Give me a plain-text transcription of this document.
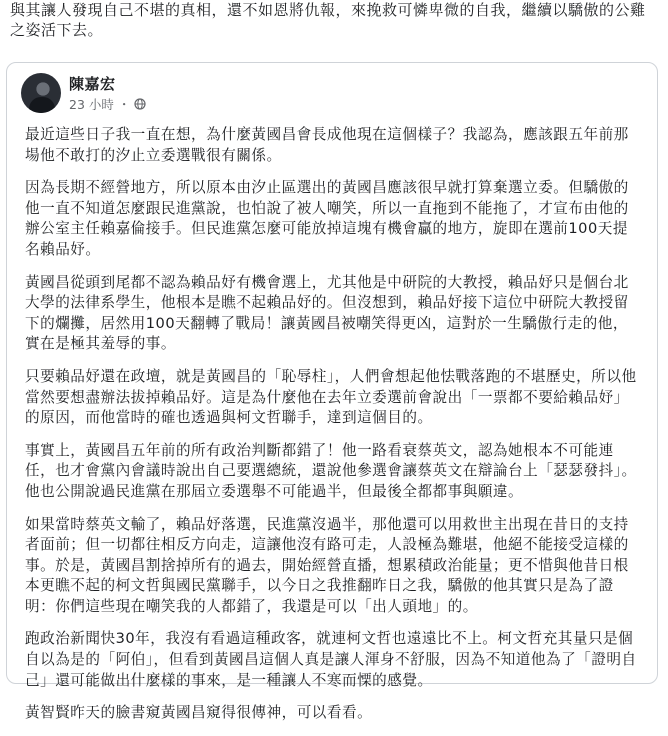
與其讓人發現自己不堪的真相，還不如恩將仇報，來挽救可憐卑微的自我，繼續以驕傲的公雞之姿活下去。
陳嘉宏
23 小時 ・

最近這些日子我一直在想，為什麼黃國昌會長成他現在這個樣子？我認為，應該跟五年前那場他不敢打的汐止立委選戰很有關係。

因為長期不經營地方，所以原本由汐止區選出的黃國昌應該很早就打算棄選立委。但驕傲的他一直不知道怎麼跟民進黨說，也怕說了被人嘲笑，所以一直拖到不能拖了，才宣布由他的辦公室主任賴嘉倫接手。但民進黨怎麼可能放掉這塊有機會贏的地方，旋即在選前100天提名賴品妤。

黃國昌從頭到尾都不認為賴品妤有機會選上，尤其他是中研院的大教授，賴品妤只是個台北大學的法律系學生，他根本是瞧不起賴品妤的。但沒想到，賴品妤接下這位中研院大教授留下的爛攤，居然用100天翻轉了戰局！讓黃國昌被嘲笑得更凶，這對於一生驕傲行走的他，實在是極其羞辱的事。

只要賴品妤還在政壇，就是黃國昌的「恥辱柱」，人們會想起他怯戰落跑的不堪歷史，所以他當然要想盡辦法拔掉賴品妤。這是為什麼他在去年立委選前會說出「一票都不要給賴品妤」的原因，而他當時的確也透過與柯文哲聯手，達到這個目的。

事實上，黃國昌五年前的所有政治判斷都錯了！他一路看衰蔡英文，認為她根本不可能連任，也才會黨內會議時說出自己要選總統，還說他參選會讓蔡英文在辯論台上「瑟瑟發抖」。他也公開說過民進黨在那屆立委選舉不可能過半，但最後全都都事與願違。

如果當時蔡英文輸了，賴品妤落選，民進黨沒過半，那他還可以用救世主出現在昔日的支持者面前；但一切都往相反方向走，這讓他沒有路可走，人設極為難堪，他絕不能接受這樣的事。於是，黃國昌割捨掉所有的過去，開始經營直播，想累積政治能量；更不惜與他昔日根本更瞧不起的柯文哲與國民黨聯手，以今日之我推翻昨日之我，驕傲的他其實只是為了證明：你們這些現在嘲笑我的人都錯了，我還是可以「出人頭地」的。

跑政治新聞快30年，我沒有看過這種政客，就連柯文哲也遠遠比不上。柯文哲充其量只是個自以為是的「阿伯」，但看到黃國昌這個人真是讓人渾身不舒服，因為不知道他為了「證明自己」還可能做出什麼樣的事來，是一種讓人不寒而慄的感覺。

黃智賢昨天的臉書窺黃國昌窺得很傳神，可以看看。
